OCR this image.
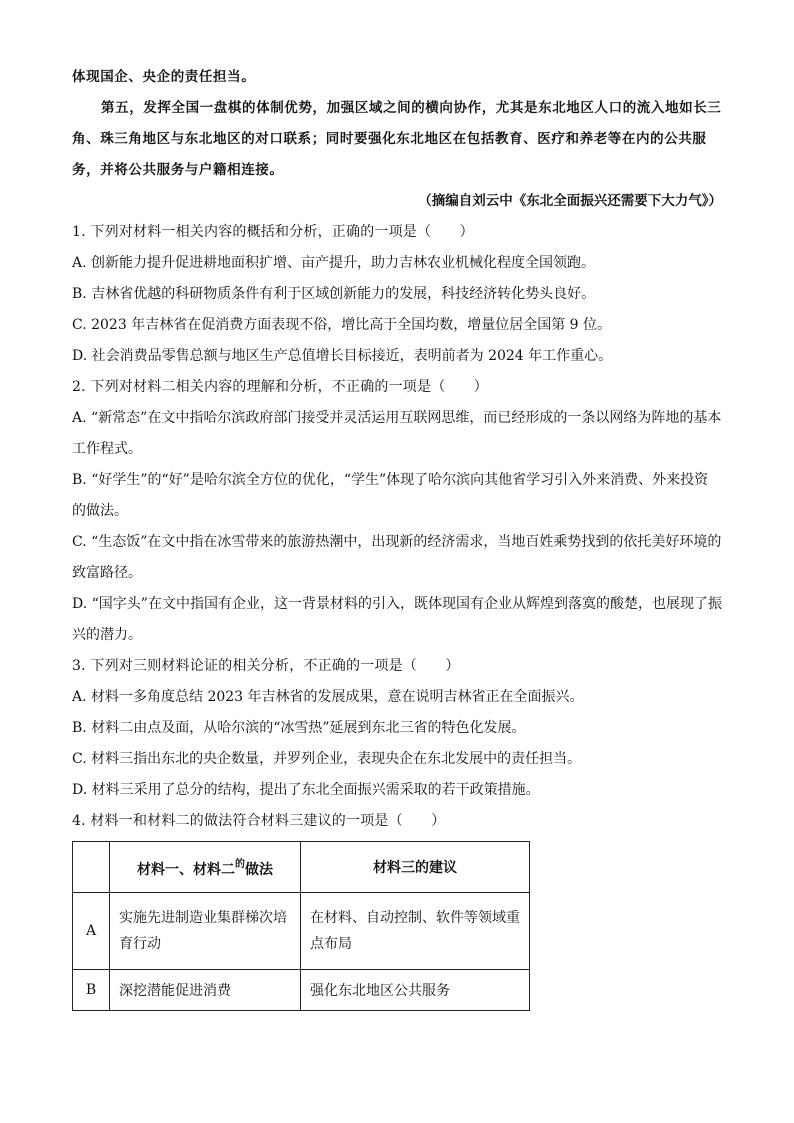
体现国企、央企的责任担当。

第五，发挥全国一盘棋的体制优势，加强区域之间的横向协作，尤其是东北地区人口的流入地如长三角、珠三角地区与东北地区的对口联系；同时要强化东北地区在包括教育、医疗和养老等在内的公共服务，并将公共服务与户籍相连接。

（摘编自刘云中《东北全面振兴还需要下大力气》）

1. 下列对材料一相关内容的概括和分析，正确的一项是（　　）

A. 创新能力提升促进耕地面积扩增、亩产提升，助力吉林农业机械化程度全国领跑。

B. 吉林省优越的科研物质条件有利于区域创新能力的发展，科技经济转化势头良好。

C. 2023 年吉林省在促消费方面表现不俗，增比高于全国均数，增量位居全国第 9 位。

D. 社会消费品零售总额与地区生产总值增长目标接近，表明前者为 2024 年工作重心。

2. 下列对材料二相关内容的理解和分析，不正确的一项是（　　）

A. “新常态”在文中指哈尔滨政府部门接受并灵活运用互联网思维，而已经形成的一条以网络为阵地的基本工作程式。

B. “好学生”的“好”是哈尔滨全方位的优化，“学生”体现了哈尔滨向其他省学习引入外来消费、外来投资的做法。

C. “生态饭”在文中指在冰雪带来的旅游热潮中，出现新的经济需求，当地百姓乘势找到的依托美好环境的致富路径。

D. “国字头”在文中指国有企业，这一背景材料的引入，既体现国有企业从辉煌到落寞的酸楚，也展现了振兴的潜力。

3. 下列对三则材料论证的相关分析，不正确的一项是（　　）

A. 材料一多角度总结 2023 年吉林省的发展成果，意在说明吉林省正在全面振兴。

B. 材料二由点及面，从哈尔滨的“冰雪热”延展到东北三省的特色化发展。

C. 材料三指出东北的央企数量，并罗列企业，表现央企在东北发展中的责任担当。

D. 材料三采用了总分的结构，提出了东北全面振兴需采取的若干政策措施。

4. 材料一和材料二的做法符合材料三建议的一项是（　　）

	材料一、材料二$^的$做法	材料三的建议
A	实施先进制造业集群梯次培育行动	在材料、自动控制、软件等领域重点布局
B	深挖潜能促进消费	强化东北地区公共服务
